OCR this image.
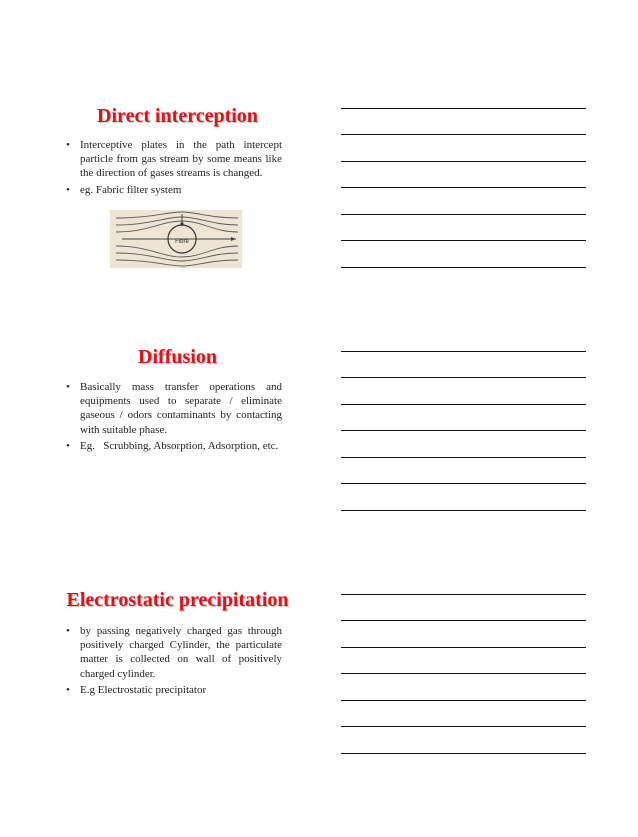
Direct interception
• Interceptive plates in the path intercept particle from gas stream by some means like the direction of gases streams is changed.
• eg. Fabric filter system
Fibre
Diffusion
• Basically mass transfer operations and equipments used to separate / eliminate gaseous / odors contaminants by contacting with suitable phase.
• Eg.   Scrubbing, Absorption, Adsorption, etc.
Electrostatic precipitation
• by passing negatively charged gas through positively charged Cylinder, the particulate matter is collected on wall of positively charged cylinder.
• E.g Electrostatic precipitator
